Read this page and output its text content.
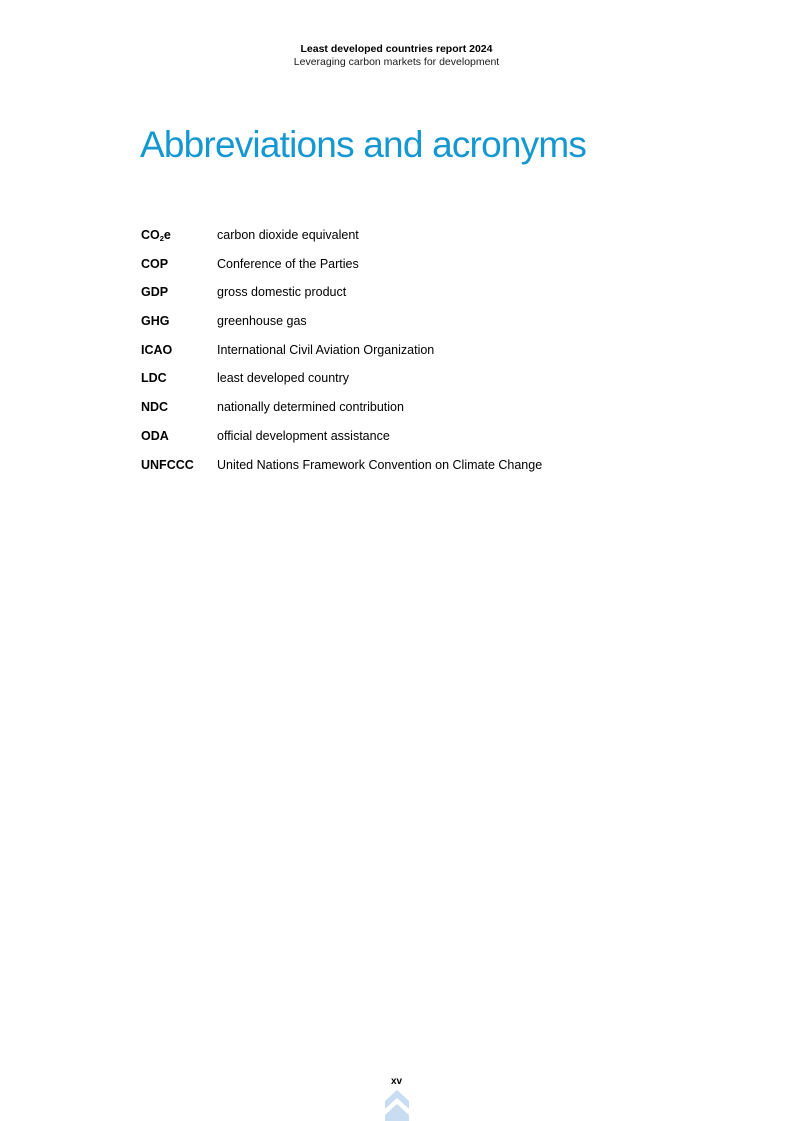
Least developed countries report 2024
Leveraging carbon markets for development
Abbreviations and acronyms
$CO_2e$	carbon dioxide equivalent
COP	Conference of the Parties
GDP	gross domestic product
GHG	greenhouse gas
ICAO	International Civil Aviation Organization
LDC	least developed country
NDC	nationally determined contribution
ODA	official development assistance
UNFCCC	United Nations Framework Convention on Climate Change
xv
